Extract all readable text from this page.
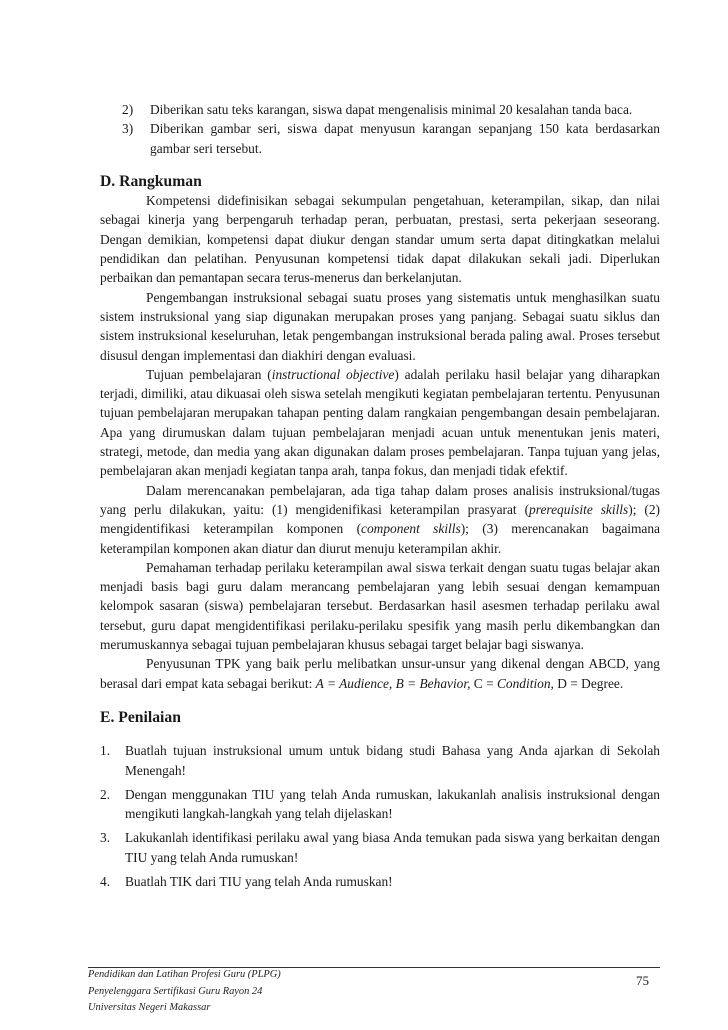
2)	Diberikan satu teks karangan, siswa dapat mengenalisis minimal 20 kesalahan tanda baca.
3)	Diberikan gambar seri, siswa dapat menyusun karangan sepanjang 150 kata berdasarkan gambar seri tersebut.
D. Rangkuman

Kompetensi didefinisikan sebagai sekumpulan pengetahuan, keterampilan, sikap, dan nilai sebagai kinerja yang berpengaruh terhadap peran, perbuatan, prestasi, serta pekerjaan seseorang. Dengan demikian, kompetensi dapat diukur dengan standar umum serta dapat ditingkatkan melalui pendidikan dan pelatihan. Penyusunan kompetensi tidak dapat dilakukan sekali jadi. Diperlukan perbaikan dan pemantapan secara terus-menerus dan berkelanjutan.

Pengembangan instruksional sebagai suatu proses yang sistematis untuk menghasilkan suatu sistem instruksional yang siap digunakan merupakan proses yang panjang. Sebagai suatu siklus dan sistem instruksional keseluruhan, letak pengembangan instruksional berada paling awal. Proses tersebut disusul dengan implementasi dan diakhiri dengan evaluasi.

Tujuan pembelajaran (instructional objective) adalah perilaku hasil belajar yang diharapkan terjadi, dimiliki, atau dikuasai oleh siswa setelah mengikuti kegiatan pembelajaran tertentu. Penyusunan tujuan pembelajaran merupakan tahapan penting dalam rangkaian pengembangan desain pembelajaran. Apa yang dirumuskan dalam tujuan pembelajaran menjadi acuan untuk menentukan jenis materi, strategi, metode, dan media yang akan digunakan dalam proses pembelajaran. Tanpa tujuan yang jelas, pembelajaran akan menjadi kegiatan tanpa arah, tanpa fokus, dan menjadi tidak efektif.

Dalam merencanakan pembelajaran, ada tiga tahap dalam proses analisis instruksional/tugas yang perlu dilakukan, yaitu: (1) mengidenifikasi keterampilan prasyarat (prerequisite skills); (2) mengidentifikasi keterampilan komponen (component skills); (3) merencanakan bagaimana keterampilan komponen akan diatur dan diurut menuju keterampilan akhir.

Pemahaman terhadap perilaku keterampilan awal siswa terkait dengan suatu tugas belajar akan menjadi basis bagi guru dalam merancang pembelajaran yang lebih sesuai dengan kemampuan kelompok sasaran (siswa) pembelajaran tersebut. Berdasarkan hasil asesmen terhadap perilaku awal tersebut, guru dapat mengidentifikasi perilaku-perilaku spesifik yang masih perlu dikembangkan dan merumuskannya sebagai tujuan pembelajaran khusus sebagai target belajar bagi siswanya.

Penyusunan TPK yang baik perlu melibatkan unsur-unsur yang dikenal dengan ABCD, yang berasal dari empat kata sebagai berikut: A = Audience, B = Behavior, C = Condition, D = Degree.

E. Penilaian
1.	Buatlah tujuan instruksional umum untuk bidang studi Bahasa yang Anda ajarkan di Sekolah Menengah!
2.	Dengan menggunakan TIU yang telah Anda rumuskan, lakukanlah analisis instruksional dengan mengikuti langkah-langkah yang telah dijelaskan!
3.	Lakukanlah identifikasi perilaku awal yang biasa Anda temukan pada siswa yang berkaitan dengan TIU yang telah Anda rumuskan!
4.	Buatlah TIK dari TIU yang telah Anda rumuskan!
Pendidikan dan Latihan Profesi Guru (PLPG)
Penyelenggara Sertifikasi Guru Rayon 24
Universitas Negeri Makassar
75
